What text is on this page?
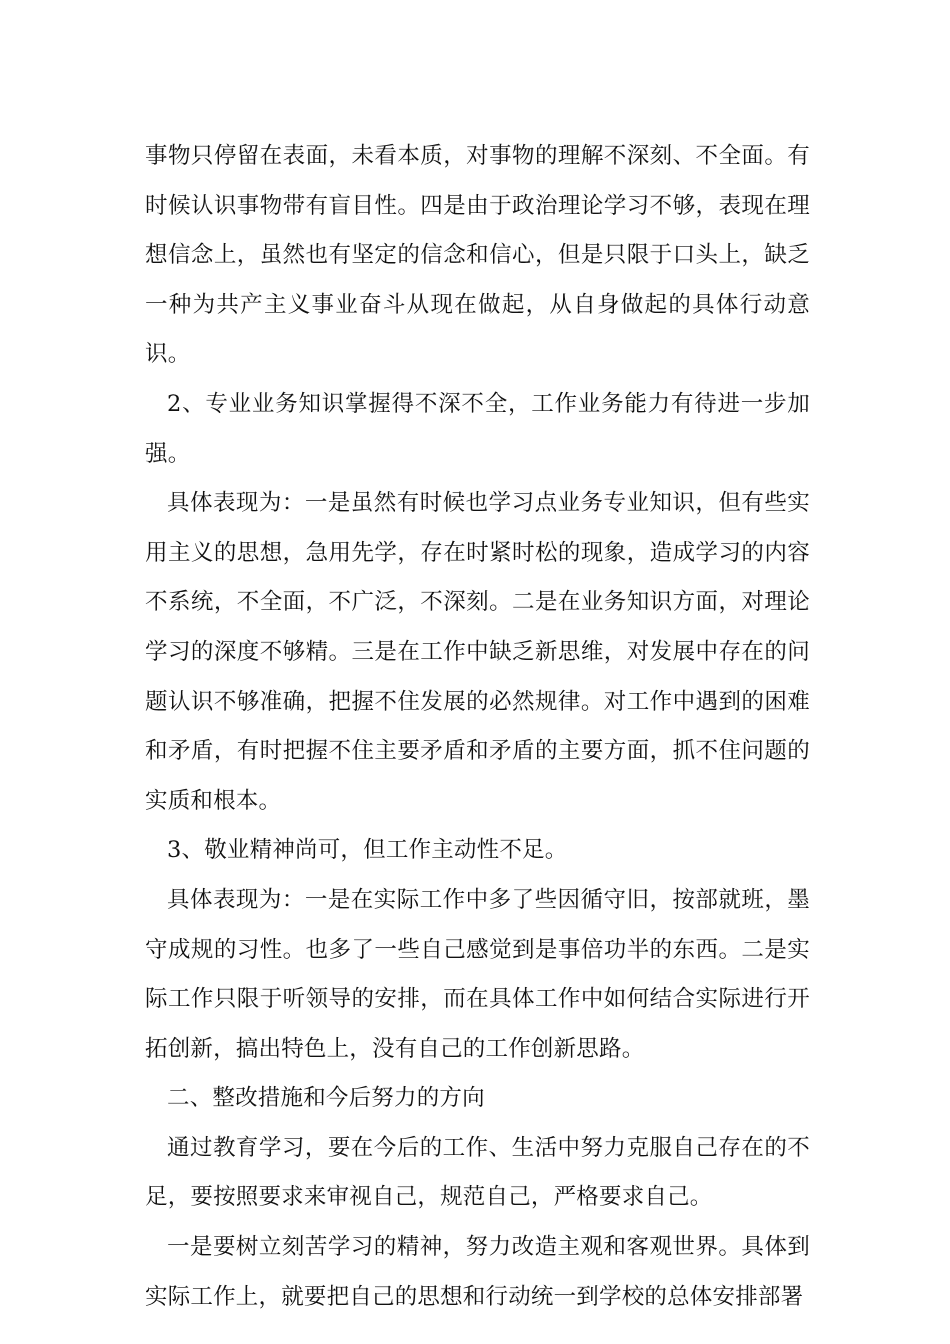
事物只停留在表面，未看本质，对事物的理解不深刻、不全面。有时候认识事物带有盲目性。四是由于政治理论学习不够，表现在理想信念上，虽然也有坚定的信念和信心，但是只限于口头上，缺乏一种为共产主义事业奋斗从现在做起，从自身做起的具体行动意识。

2、专业业务知识掌握得不深不全，工作业务能力有待进一步加强。

具体表现为：一是虽然有时候也学习点业务专业知识，但有些实用主义的思想，急用先学，存在时紧时松的现象，造成学习的内容不系统，不全面，不广泛，不深刻。二是在业务知识方面，对理论学习的深度不够精。三是在工作中缺乏新思维，对发展中存在的问题认识不够准确，把握不住发展的必然规律。对工作中遇到的困难和矛盾，有时把握不住主要矛盾和矛盾的主要方面，抓不住问题的实质和根本。

3、敬业精神尚可，但工作主动性不足。

具体表现为：一是在实际工作中多了些因循守旧，按部就班，墨守成规的习性。也多了一些自己感觉到是事倍功半的东西。二是实际工作只限于听领导的安排，而在具体工作中如何结合实际进行开拓创新，搞出特色上，没有自己的工作创新思路。

二、整改措施和今后努力的方向

通过教育学习，要在今后的工作、生活中努力克服自己存在的不足，要按照要求来审视自己，规范自己，严格要求自己。

一是要树立刻苦学习的精神，努力改造主观和客观世界。具体到实际工作上，就要把自己的思想和行动统一到学校的总体安排部署
